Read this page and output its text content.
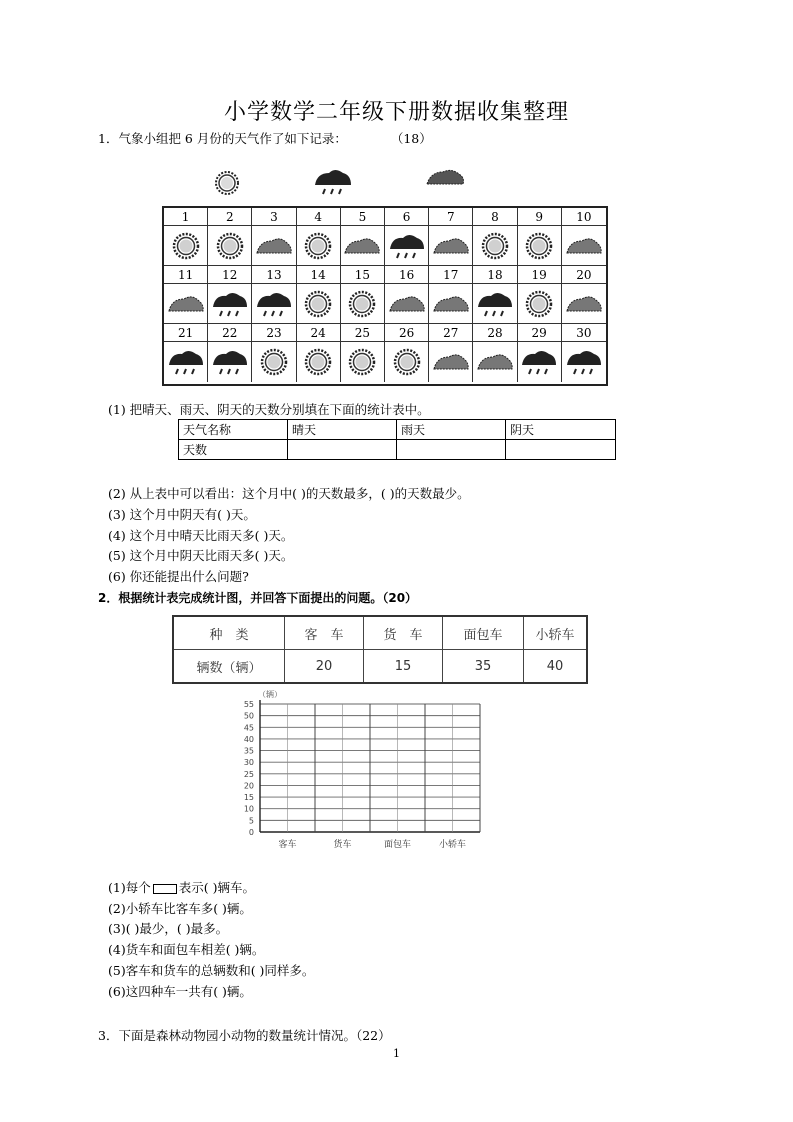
小学数学二年级下册数据收集整理
1．气象小组把 6 月份的天气作了如下记录：	（18）
1	2	3	4	5	6	7	8	9	10
11	12	13	14	15	16	17	18	19	20
21	22	23	24	25	26	27	28	29	30
(1) 把晴天、雨天、阴天的天数分别填在下面的统计表中。
天气名称	晴天	雨天	阴天
天数			
(2) 从上表中可以看出：这个月中( )的天数最多，( )的天数最少。
(3) 这个月中阴天有( )天。
(4) 这个月中晴天比雨天多( )天。
(5) 这个月中阴天比雨天多( )天。
(6) 你还能提出什么问题?
2．根据统计表完成统计图，并回答下面提出的问题。（20）
种　类	客　车	货　车	面包车	小轿车
辆数（辆）	20	15	35	40
（辆）
0
5
10
15
20
25
30
35
40
45
50
55
客车	货车	面包车	小轿车
(1)每个 表示( )辆车。
(2)小轿车比客车多( )辆。
(3)( )最少，( )最多。
(4)货车和面包车相差( )辆。
(5)客车和货车的总辆数和( )同样多。
(6)这四种车一共有( )辆。
3．下面是森林动物园小动物的数量统计情况。（22）
1
